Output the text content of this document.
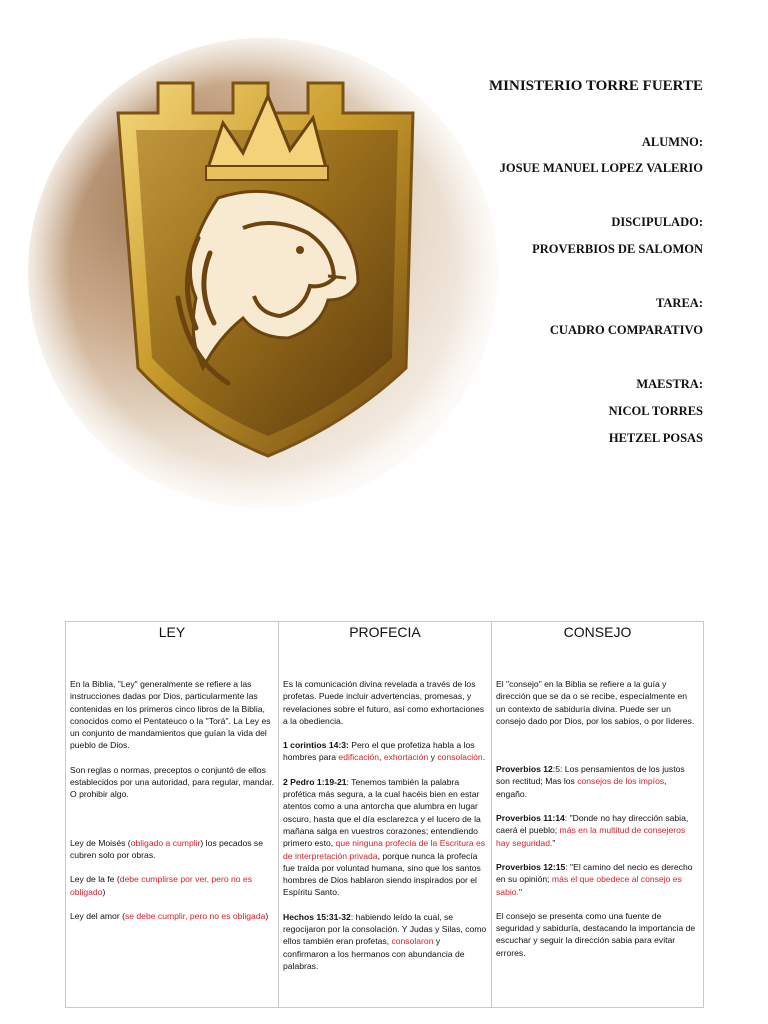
MINISTERIO TORRE FUERTE
ALUMNO:
JOSUE MANUEL LOPEZ VALERIO
DISCIPULADO:
PROVERBIOS DE SALOMON
TAREA:
CUADRO COMPARATIVO
MAESTRA:
NICOL TORRES
HETZEL POSAS
LEY

En la Biblia, "Ley" generalmente se refiere a las instrucciones dadas por Dios, particularmente las contenidas en los primeros cinco libros de la Biblia, conocidos como el Pentateuco o la "Torá". La Ley es un conjunto de mandamientos que guían la vida del pueblo de Dios.

Son reglas o normas, preceptos o conjuntó de ellos establecidos por una autoridad, para regular, mandar. O prohibir algo.

Ley de Moisés (obligado a cumplir) los pecados se cubren solo por obras.

Ley de la fe (debe cumplirse por ver, pero no es obligado)

Ley del amor (se debe cumplir, pero no es obligada)

PROFECIA

Es la comunicación divina revelada a través de los profetas. Puede incluir advertencias, promesas, y revelaciones sobre el futuro, así como exhortaciones a la obediencia.

1 corintios 14:3: Pero el que profetiza habla a los hombres para edificación, exhortación y consolación.

2 Pedro 1:19-21: Tenemos también la palabra profética más segura, a la cual hacéis bien en estar atentos como a una antorcha que alumbra en lugar oscuro, hasta que el día esclarezca y el lucero de la mañana salga en vuestros corazones; entendiendo primero esto, que ninguna profecía de la Escritura es de interpretación privada, porque nunca la profecía fue traída por voluntad humana, sino que los santos hombres de Dios hablaron siendo inspirados por el Espíritu Santo.

Hechos 15:31-32: habiendo leído la cual, se regocijaron por la consolación. Y Judas y Silas, como ellos también eran profetas, consolaron y confirmaron a los hermanos con abundancia de palabras.

CONSEJO

El "consejo" en la Biblia se refiere a la guía y dirección que se da o se recibe, especialmente en un contexto de sabiduría divina. Puede ser un consejo dado por Dios, por los sabios, o por líderes.

Proverbios 12:5: Los pensamientos de los justos son rectitud; Mas los consejos de los impíos, engaño.

Proverbios 11:14: "Donde no hay dirección sabia, caerá el pueblo; más en la multitud de consejeros hay seguridad."

Proverbios 12:15: "El camino del necio es derecho en su opinión; más el que obedece al consejo es sabio."

El consejo se presenta como una fuente de seguridad y sabiduría, destacando la importancia de escuchar y seguir la dirección sabia para evitar errores.
